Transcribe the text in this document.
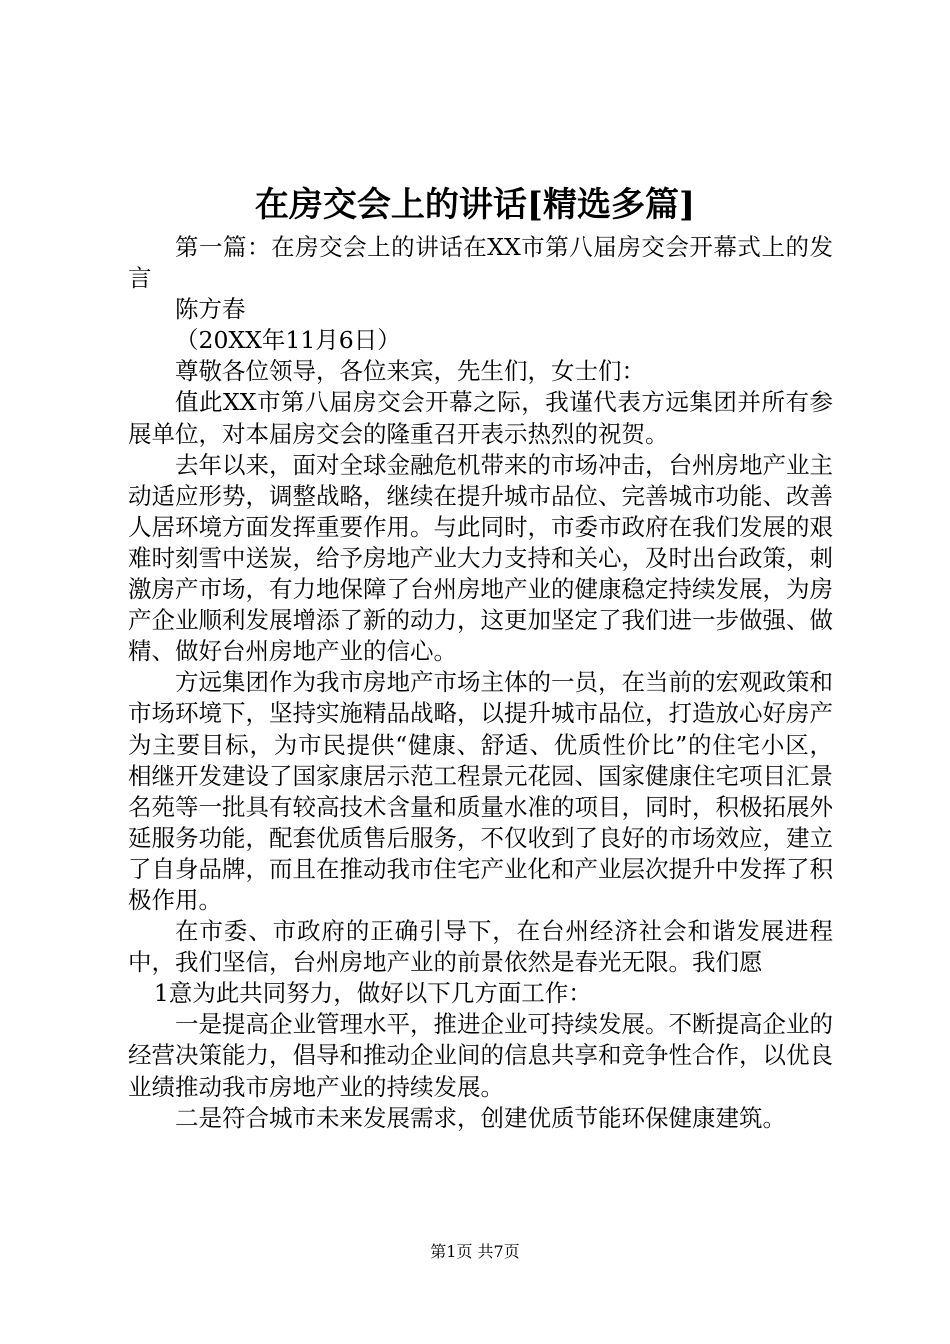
在房交会上的讲话[精选多篇]

第一篇：在房交会上的讲话在XX市第八届房交会开幕式上的发言

陈方春

（20XX年11月6日）

尊敬各位领导，各位来宾，先生们，女士们：

值此XX市第八届房交会开幕之际，我谨代表方远集团并所有参展单位，对本届房交会的隆重召开表示热烈的祝贺。

去年以来，面对全球金融危机带来的市场冲击，台州房地产业主动适应形势，调整战略，继续在提升城市品位、完善城市功能、改善人居环境方面发挥重要作用。与此同时，市委市政府在我们发展的艰难时刻雪中送炭，给予房地产业大力支持和关心，及时出台政策，刺激房产市场，有力地保障了台州房地产业的健康稳定持续发展，为房产企业顺利发展增添了新的动力，这更加坚定了我们进一步做强、做精、做好台州房地产业的信心。

方远集团作为我市房地产市场主体的一员，在当前的宏观政策和市场环境下，坚持实施精品战略，以提升城市品位，打造放心好房产为主要目标，为市民提供“健康、舒适、优质性价比”的住宅小区，相继开发建设了国家康居示范工程景元花园、国家健康住宅项目汇景名苑等一批具有较高技术含量和质量水准的项目，同时，积极拓展外延服务功能，配套优质售后服务，不仅收到了良好的市场效应，建立了自身品牌，而且在推动我市住宅产业化和产业层次提升中发挥了积极作用。

在市委、市政府的正确引导下，在台州经济社会和谐发展进程中，我们坚信，台州房地产业的前景依然是春光无限。我们愿

1意为此共同努力，做好以下几方面工作：

一是提高企业管理水平，推进企业可持续发展。不断提高企业的经营决策能力，倡导和推动企业间的信息共享和竞争性合作，以优良业绩推动我市房地产业的持续发展。

二是符合城市未来发展需求，创建优质节能环保健康建筑。

第1页 共7页
